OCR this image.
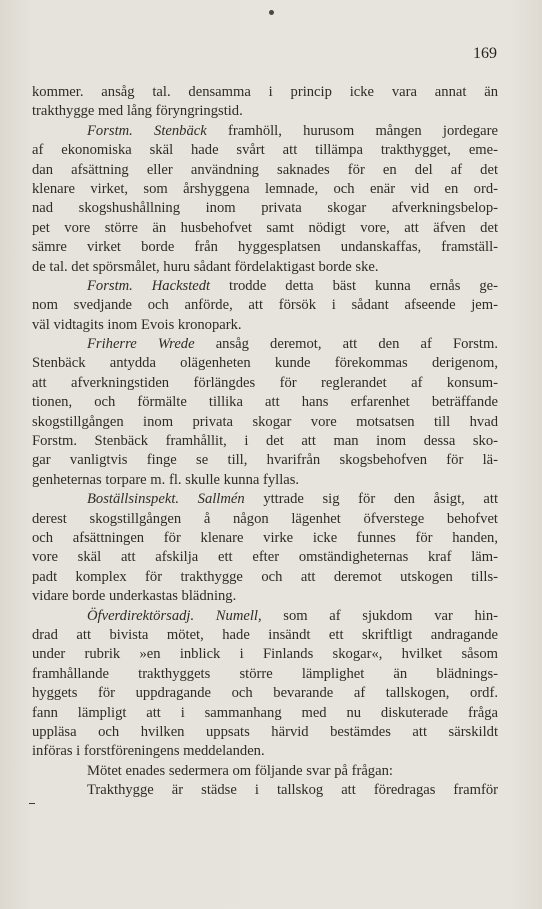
169
kommer. ansåg tal. densamma i princip icke vara annat än
trakthygge med lång föryngringstid.
Forstm. Stenbäck framhöll, hurusom mången jordegare
af ekonomiska skäl hade svårt att tillämpa trakthygget, eme-
dan afsättning eller användning saknades för en del af det
klenare virket, som årshyggena lemnade, och enär vid en ord-
nad skogshushållning inom privata skogar afverkningsbelop-
pet vore större än husbehofvet samt nödigt vore, att äfven det
sämre virket borde från hyggesplatsen undanskaffas, framställ-
de tal. det spörsmålet, huru sådant fördelaktigast borde ske.
Forstm. Hackstedt trodde detta bäst kunna ernås ge-
nom svedjande och anförde, att försök i sådant afseende jem-
väl vidtagits inom Evois kronopark.
Friherre Wrede ansåg deremot, att den af Forstm.
Stenbäck antydda olägenheten kunde förekommas derigenom,
att afverkningstiden förlängdes för reglerandet af konsum-
tionen, och förmälte tillika att hans erfarenhet beträffande
skogstillgången inom privata skogar vore motsatsen till hvad
Forstm. Stenbäck framhållit, i det att man inom dessa sko-
gar vanligtvis finge se till, hvarifrån skogsbehofven för lä-
genheternas torpare m. fl. skulle kunna fyllas.
Boställsinspekt. Sallmén yttrade sig för den åsigt, att
derest skogstillgången å någon lägenhet öfverstege behofvet
och afsättningen för klenare virke icke funnes för handen,
vore skäl att afskilja ett efter omständigheternas kraf läm-
padt komplex för trakthygge och att deremot utskogen tills-
vidare borde underkastas blädning.
Öfverdirektörsadj. Numell, som af sjukdom var hin-
drad att bivista mötet, hade insändt ett skriftligt andragande
under rubrik »en inblick i Finlands skogar«, hvilket såsom
framhållande trakthyggets större lämplighet än blädnings-
hyggets för uppdragande och bevarande af tallskogen, ordf.
fann lämpligt att i sammanhang med nu diskuterade fråga
uppläsa och hvilken uppsats härvid bestämdes att särskildt
införas i forstföreningens meddelanden.
Mötet enades sedermera om följande svar på frågan:
Trakthygge är städse i tallskog att föredragas framför
